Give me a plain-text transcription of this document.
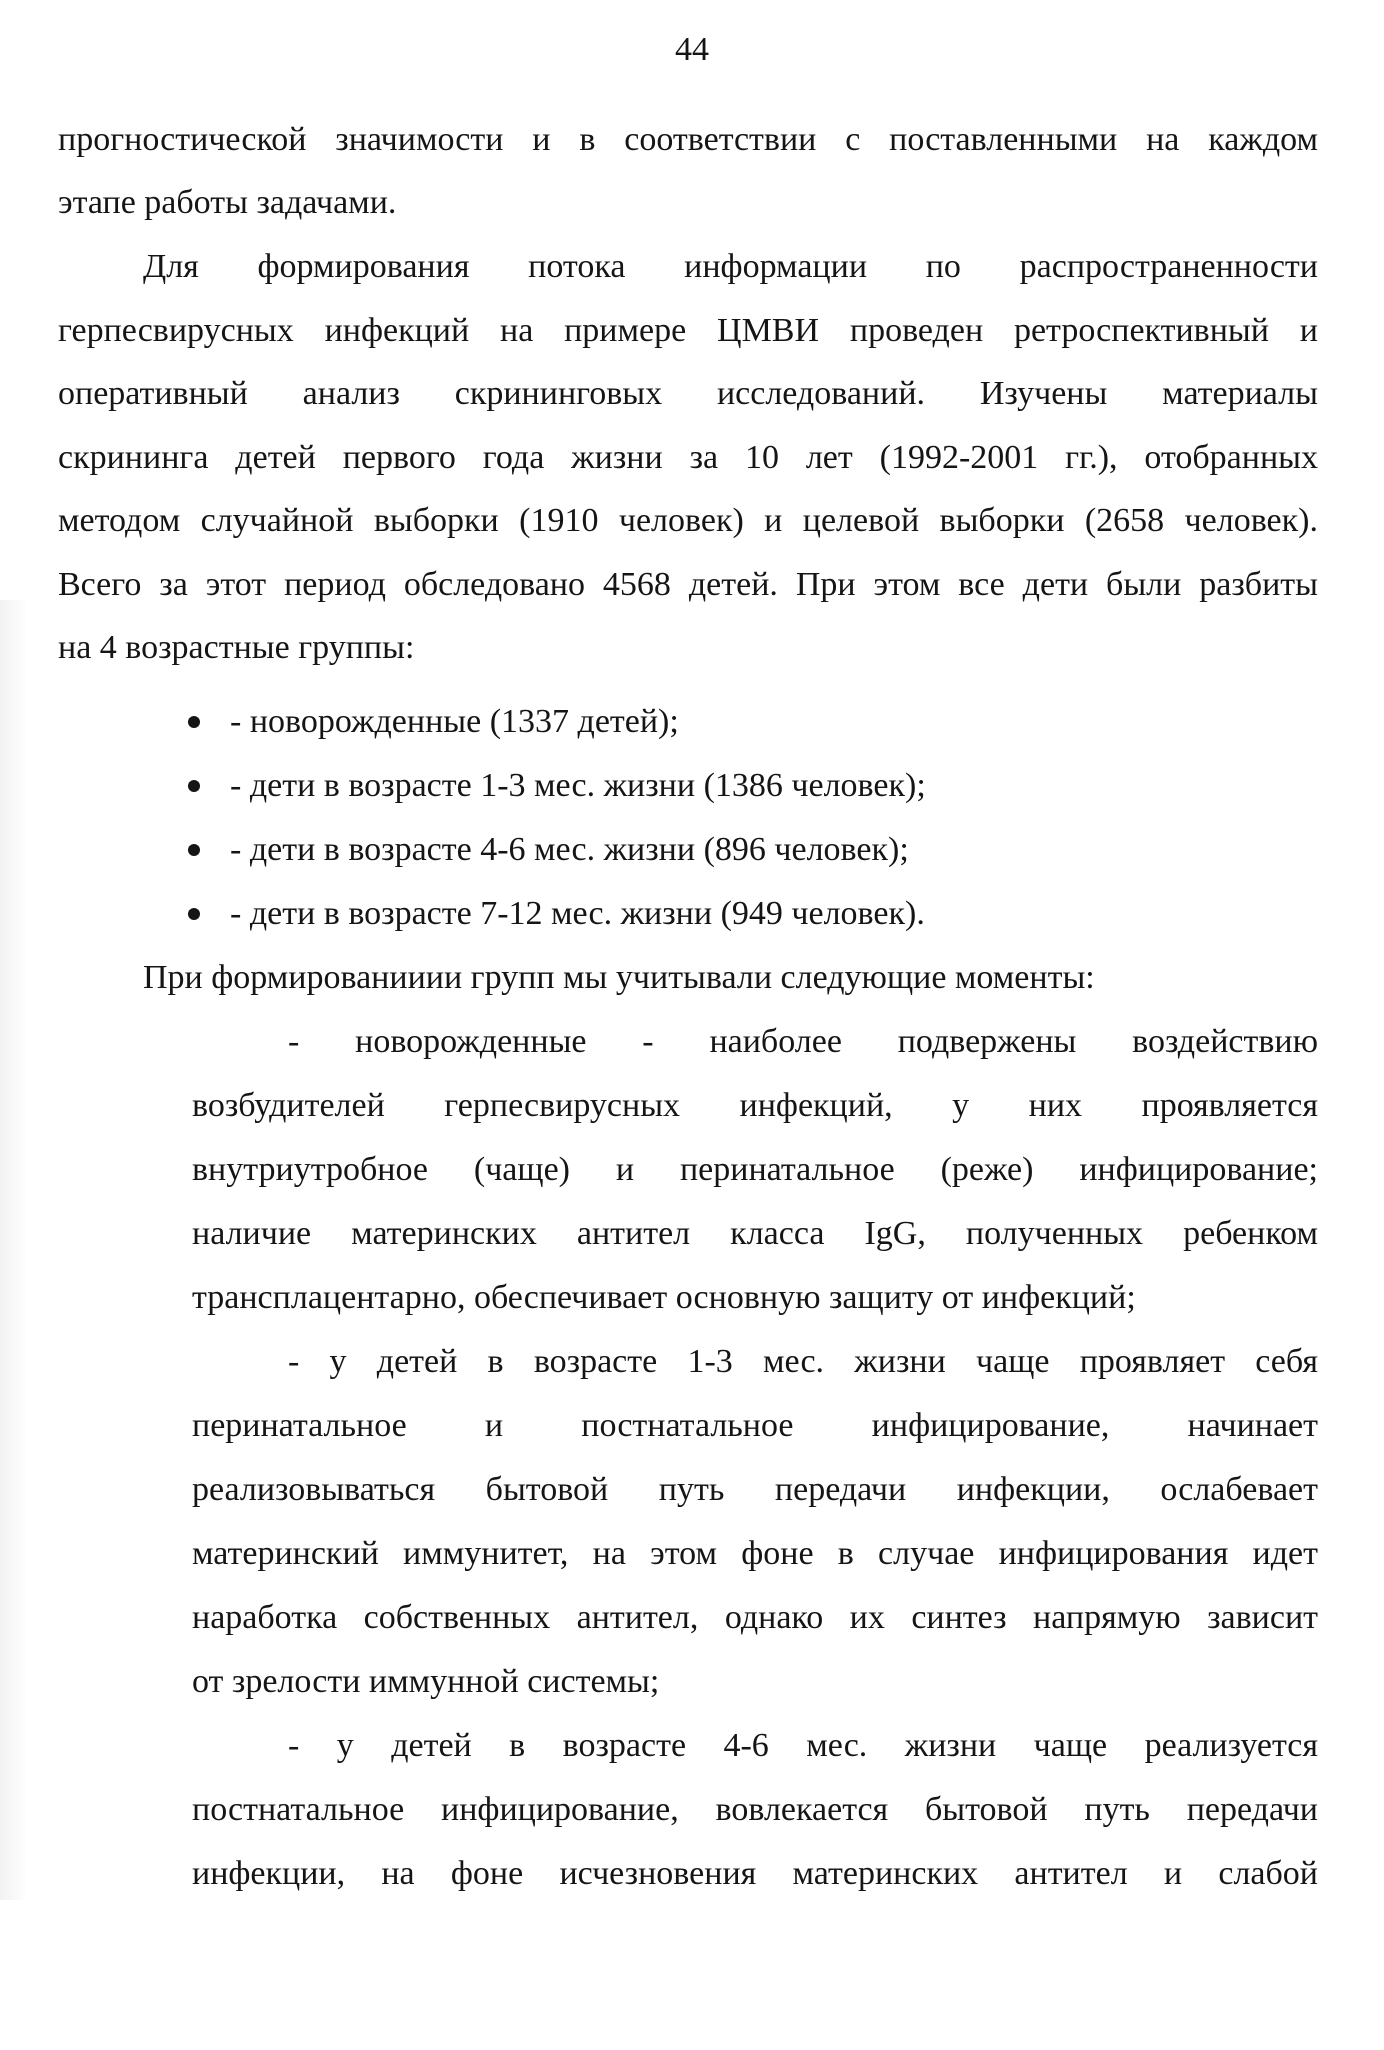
44
прогностической значимости и в соответствии с поставленными на каждом
этапе работы задачами.
Для формирования потока информации по распространенности
герпесвирусных инфекций на примере ЦМВИ проведен ретроспективный и
оперативный анализ скрининговых исследований. Изучены материалы
скрининга детей первого года жизни за 10 лет (1992-2001 гг.), отобранных
методом случайной выборки (1910 человек) и целевой выборки (2658 человек).
Всего за этот период обследовано 4568 детей. При этом все дети были разбиты
на 4 возрастные группы:
- новорожденные (1337 детей);
- дети в возрасте 1-3 мес. жизни (1386 человек);
- дети в возрасте 4-6 мес. жизни (896 человек);
- дети в возрасте 7-12 мес. жизни (949 человек).
При формированииии групп мы учитывали следующие моменты:
- новорожденные - наиболее подвержены воздействию
возбудителей герпесвирусных инфекций, у них проявляется
внутриутробное (чаще) и перинатальное (реже) инфицирование;
наличие материнских антител класса IgG, полученных ребенком
трансплацентарно, обеспечивает основную защиту от инфекций;
- у детей в возрасте 1-3 мес. жизни чаще проявляет себя
перинатальное и постнатальное инфицирование, начинает
реализовываться бытовой путь передачи инфекции, ослабевает
материнский иммунитет, на этом фоне в случае инфицирования идет
наработка собственных антител, однако их синтез напрямую зависит
от зрелости иммунной системы;
- у детей в возрасте 4-6 мес. жизни чаще реализуется
постнатальное инфицирование, вовлекается бытовой путь передачи
инфекции, на фоне исчезновения материнских антител и слабой
